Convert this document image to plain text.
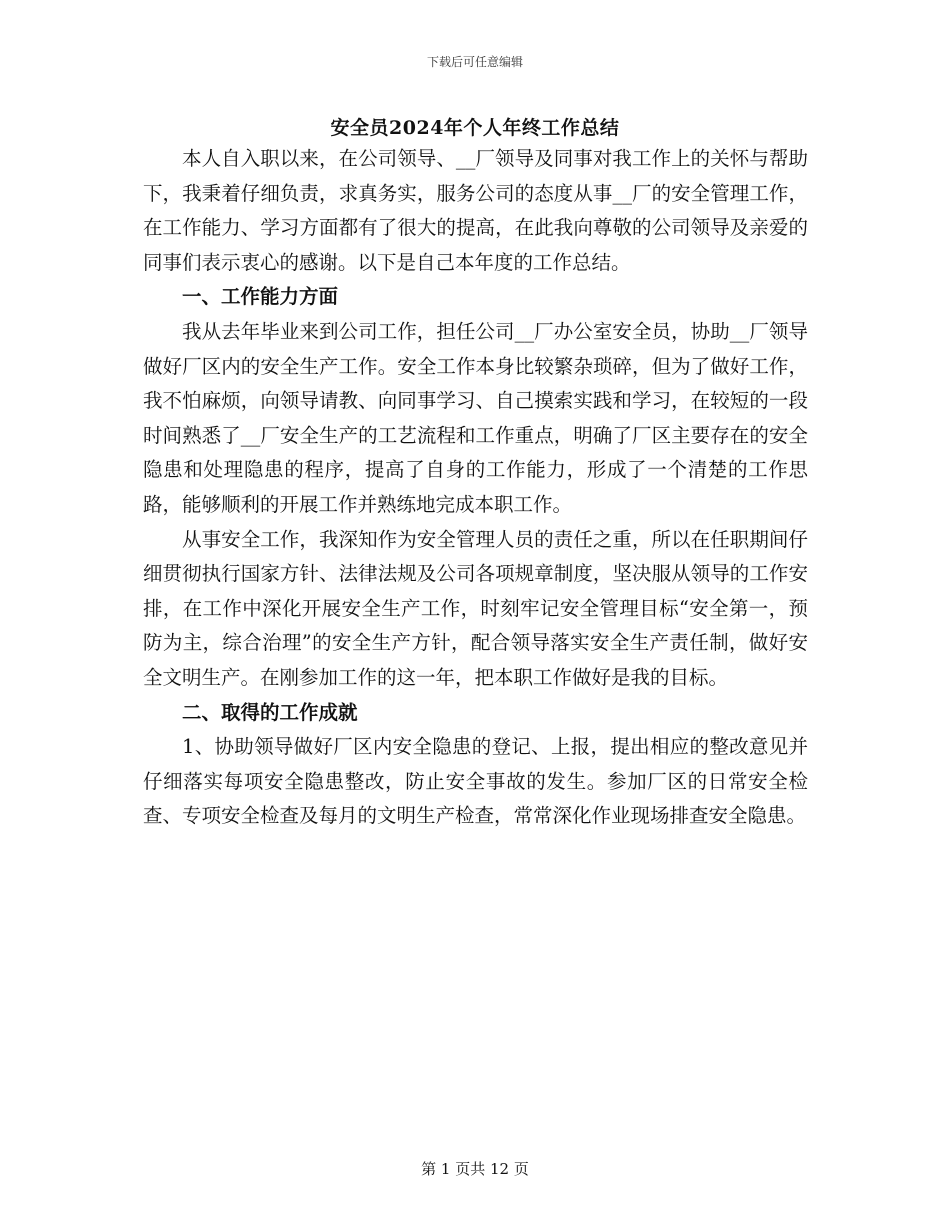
下载后可任意编辑
安全员2024年个人年终工作总结

本人自入职以来，在公司领导、__厂领导及同事对我工作上的关怀与帮助下，我秉着仔细负责，求真务实，服务公司的态度从事__厂的安全管理工作，在工作能力、学习方面都有了很大的提高，在此我向尊敬的公司领导及亲爱的同事们表示衷心的感谢。以下是自己本年度的工作总结。

一、工作能力方面

我从去年毕业来到公司工作，担任公司__厂办公室安全员，协助__厂领导做好厂区内的安全生产工作。安全工作本身比较繁杂琐碎，但为了做好工作，我不怕麻烦，向领导请教、向同事学习、自己摸索实践和学习，在较短的一段时间熟悉了__厂安全生产的工艺流程和工作重点，明确了厂区主要存在的安全隐患和处理隐患的程序，提高了自身的工作能力，形成了一个清楚的工作思路，能够顺利的开展工作并熟练地完成本职工作。

从事安全工作，我深知作为安全管理人员的责任之重，所以在任职期间仔细贯彻执行国家方针、法律法规及公司各项规章制度，坚决服从领导的工作安排，在工作中深化开展安全生产工作，时刻牢记安全管理目标“安全第一，预防为主，综合治理”的安全生产方针，配合领导落实安全生产责任制，做好安全文明生产。在刚参加工作的这一年，把本职工作做好是我的目标。

二、取得的工作成就

1、协助领导做好厂区内安全隐患的登记、上报，提出相应的整改意见并仔细落实每项安全隐患整改，防止安全事故的发生。参加厂区的日常安全检查、专项安全检查及每月的文明生产检查，常常深化作业现场排查安全隐患。

第 1 页共 12 页
